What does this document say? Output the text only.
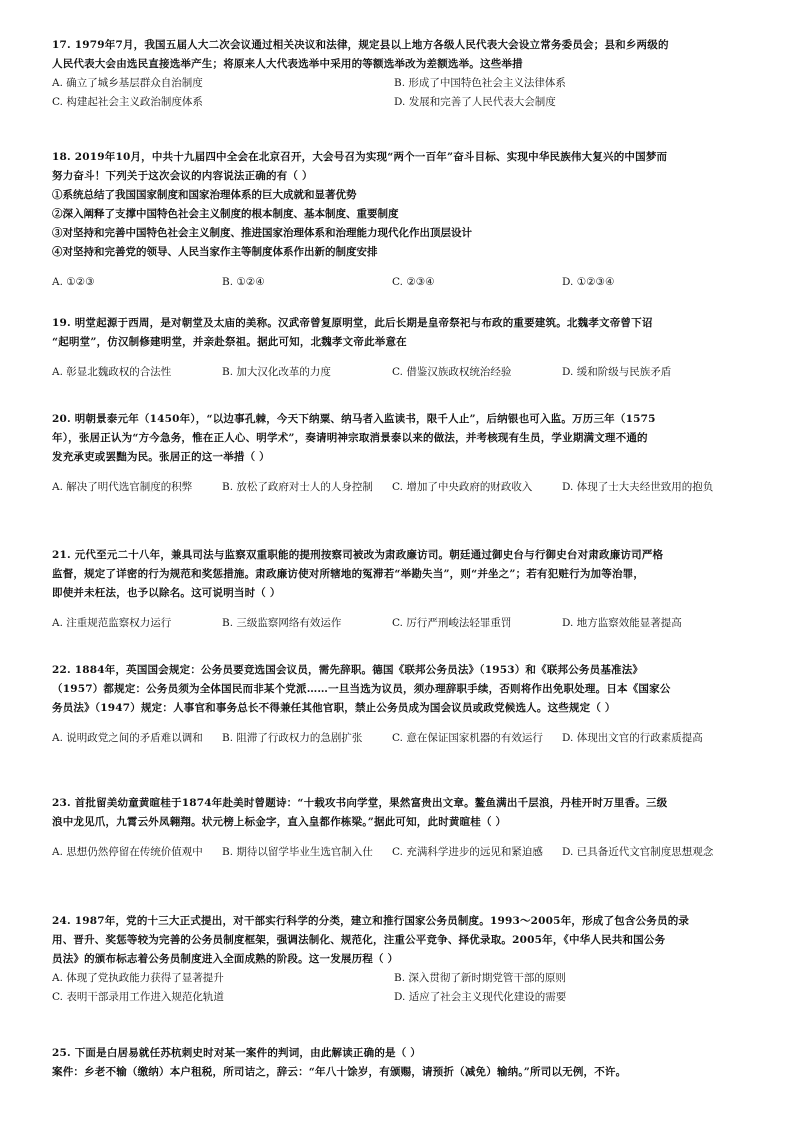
17. 1979年7月，我国五届人大二次会议通过相关决议和法律，规定县以上地方各级人民代表大会设立常务委员会；县和乡两级的
人民代表大会由选民直接选举产生；将原来人大代表选举中采用的等额选举改为差额选举。这些举措
A. 确立了城乡基层群众自治制度	B. 形成了中国特色社会主义法律体系
C. 构建起社会主义政治制度体系	D. 发展和完善了人民代表大会制度
18. 2019年10月，中共十九届四中全会在北京召开，大会号召为实现“两个一百年”奋斗目标、实现中华民族伟大复兴的中国梦而
努力奋斗！下列关于这次会议的内容说法正确的有（ ）
①系统总结了我国国家制度和国家治理体系的巨大成就和显著优势
②深入阐释了支撑中国特色社会主义制度的根本制度、基本制度、重要制度
③对坚持和完善中国特色社会主义制度、推进国家治理体系和治理能力现代化作出顶层设计
④对坚持和完善党的领导、人民当家作主等制度体系作出新的制度安排
A. ①②③	B. ①②④	C. ②③④	D. ①②③④
19. 明堂起源于西周，是对朝堂及太庙的美称。汉武帝曾复原明堂，此后长期是皇帝祭祀与布政的重要建筑。北魏孝文帝曾下诏
“起明堂”，仿汉制修建明堂，并亲赴祭祖。据此可知，北魏孝文帝此举意在
A. 彰显北魏政权的合法性	B. 加大汉化改革的力度	C. 借鉴汉族政权统治经验	D. 缓和阶级与民族矛盾
20. 明朝景泰元年（1450年），“以边事孔棘，今天下纳粟、纳马者入监读书，限千人止”，后纳银也可入监。万历三年（1575
年），张居正认为“方今急务，惟在正人心、明学术”，奏请明神宗取消景泰以来的做法，并考核现有生员，学业期满文理不通的
发充承吏或罢黜为民。张居正的这一举措（ ）
A. 解决了明代选官制度的积弊	B. 放松了政府对士人的人身控制	C. 增加了中央政府的财政收入	D. 体现了士大夫经世致用的抱负
21. 元代至元二十八年，兼具司法与监察双重职能的提刑按察司被改为肃政廉访司。朝廷通过御史台与行御史台对肃政廉访司严格
监督，规定了详密的行为规范和奖惩措施。肃政廉访使对所辖地的冤滞若“举勘失当”，则“并坐之”；若有犯赃行为加等治罪，
即使并未枉法，也予以除名。这可说明当时（ ）
A. 注重规范监察权力运行	B. 三级监察网络有效运作	C. 厉行严刑峻法轻罪重罚	D. 地方监察效能显著提高
22. 1884年，英国国会规定：公务员要竞选国会议员，需先辞职。德国《联邦公务员法》（1953）和《联邦公务员基准法》
（1957）都规定：公务员须为全体国民而非某个党派……一旦当选为议员，须办理辞职手续，否则将作出免职处理。日本《国家公
务员法》（1947）规定：人事官和事务总长不得兼任其他官职，禁止公务员成为国会议员或政党候选人。这些规定（ ）
A. 说明政党之间的矛盾难以调和	B. 阻滞了行政权力的急剧扩张	C. 意在保证国家机器的有效运行	D. 体现出文官的行政素质提高
23. 首批留美幼童黄暄桂于1874年赴美时曾题诗：“十载攻书向学堂，果然富贵出文章。鳌鱼满出千层浪，丹桂开时万里香。三级
浪中龙见爪，九霄云外凤翱翔。状元榜上标金字，直入皇都作栋梁。”据此可知，此时黄暄桂（ ）
A. 思想仍然停留在传统价值观中	B. 期待以留学毕业生选官制入仕	C. 充满科学进步的远见和紧迫感	D. 已具备近代文官制度思想观念
24. 1987年，党的十三大正式提出，对干部实行科学的分类，建立和推行国家公务员制度。1993～2005年，形成了包含公务员的录
用、晋升、奖惩等较为完善的公务员制度框架，强调法制化、规范化，注重公平竞争、择优录取。2005年，《中华人民共和国公务
员法》的颁布标志着公务员制度进入全面成熟的阶段。这一发展历程（ ）
A. 体现了党执政能力获得了显著提升	B. 深入贯彻了新时期党管干部的原则
C. 表明干部录用工作进入规范化轨道	D. 适应了社会主义现代化建设的需要
25. 下面是白居易就任苏杭刺史时对某一案件的判词，由此解读正确的是（ ）
案件：乡老不输（缴纳）本户租税，所司诘之，辞云：“年八十馀岁，有颁赐，请预折（减免）输纳。”所司以无例，不许。
